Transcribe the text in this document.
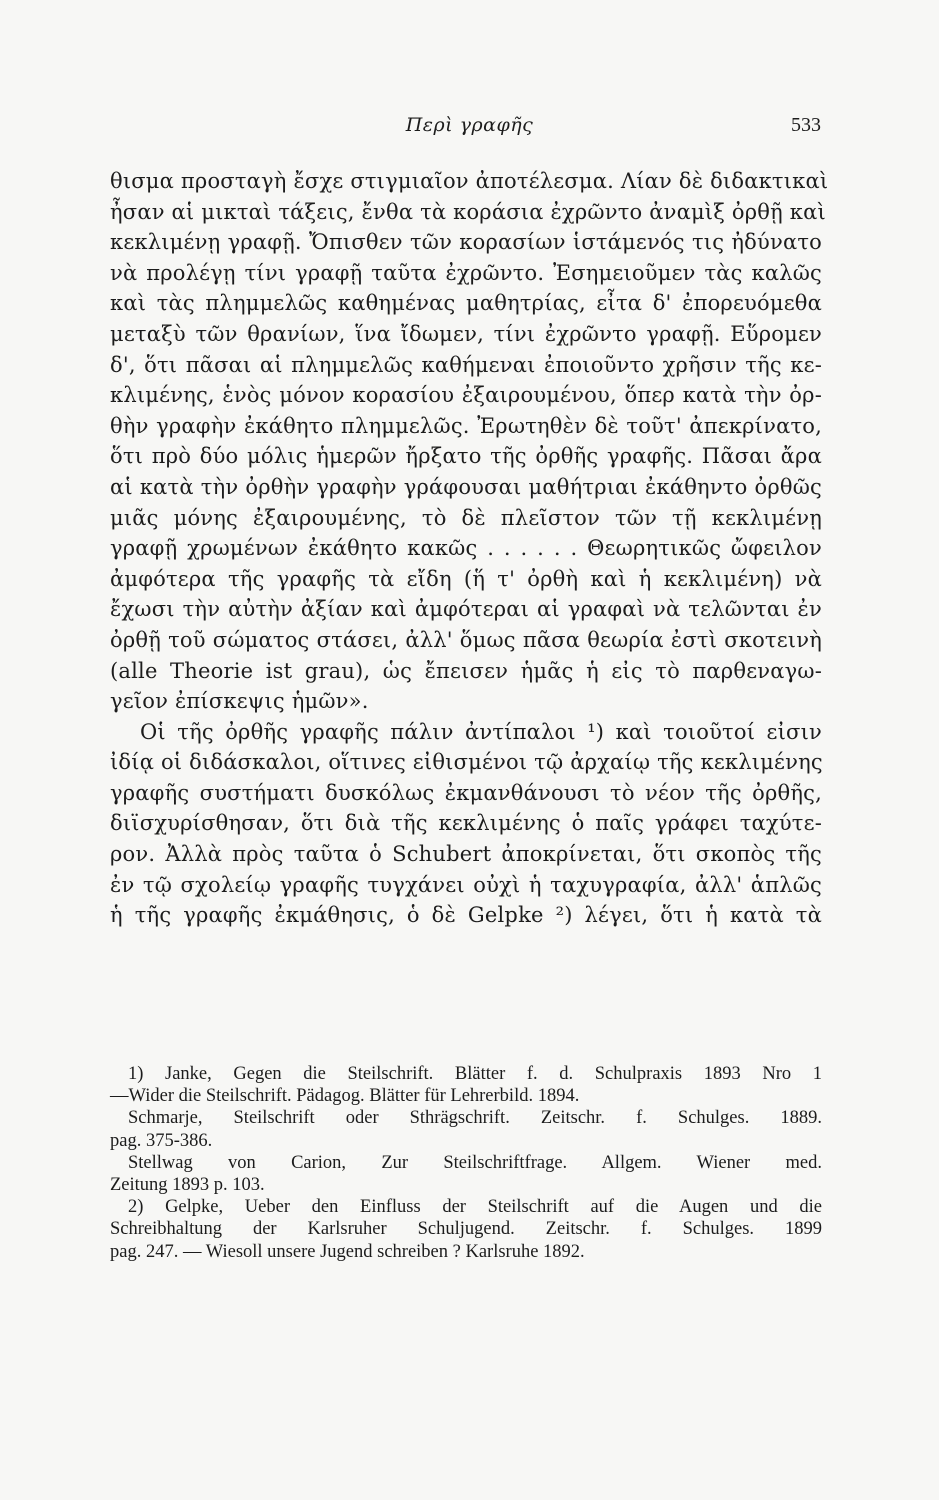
Περὶ γραφῆς	533
θισμα προσταγὴ ἔσχε στιγμιαῖον ἀποτέλεσμα. Λίαν δὲ διδακτικαὶ
ἦσαν αἱ μικταὶ τάξεις, ἔνθα τὰ κοράσια ἐχρῶντο ἀναμὶξ ὀρθῇ καὶ
κεκλιμένῃ γραφῇ. Ὄπισθεν τῶν κορασίων ἱστάμενός τις ἠδύνατο
νὰ προλέγῃ τίνι γραφῇ ταῦτα ἐχρῶντο. Ἐσημειοῦμεν τὰς καλῶς
καὶ τὰς πλημμελῶς καθημένας μαθητρίας, εἶτα δ' ἐπορευόμεθα
μεταξὺ τῶν θρανίων, ἵνα ἴδωμεν, τίνι ἐχρῶντο γραφῇ. Εὕρομεν
δ', ὅτι πᾶσαι αἱ πλημμελῶς καθήμεναι ἐποιοῦντο χρῆσιν τῆς κε-
κλιμένης, ἑνὸς μόνον κορασίου ἐξαιρουμένου, ὅπερ κατὰ τὴν ὀρ-
θὴν γραφὴν ἐκάθητο πλημμελῶς. Ἐρωτηθὲν δὲ τοῦτ' ἀπεκρίνατο,
ὅτι πρὸ δύο μόλις ἡμερῶν ἤρξατο τῆς ὀρθῆς γραφῆς. Πᾶσαι ἄρα
αἱ κατὰ τὴν ὀρθὴν γραφὴν γράφουσαι μαθήτριαι ἐκάθηντο ὀρθῶς
μιᾶς μόνης ἐξαιρουμένης, τὸ δὲ πλεῖστον τῶν τῇ κεκλιμένῃ
γραφῇ χρωμένων ἐκάθητο κακῶς . . . . . . Θεωρητικῶς ὤφειλον
ἀμφότερα τῆς γραφῆς τὰ εἴδη (ἥ τ' ὀρθὴ καὶ ἡ κεκλιμένη) νὰ
ἔχωσι τὴν αὐτὴν ἀξίαν καὶ ἀμφότεραι αἱ γραφαὶ νὰ τελῶνται ἐν
ὀρθῇ τοῦ σώματος στάσει, ἀλλ' ὅμως πᾶσα θεωρία ἐστὶ σκοτεινὴ
(alle Theorie ist grau), ὡς ἔπεισεν ἡμᾶς ἡ εἰς τὸ παρθεναγω-
γεῖον ἐπίσκεψις ἡμῶν».
Οἱ τῆς ὀρθῆς γραφῆς πάλιν ἀντίπαλοι ¹) καὶ τοιοῦτοί εἰσιν
ἰδίᾳ οἱ διδάσκαλοι, οἵτινες εἰθισμένοι τῷ ἀρχαίῳ τῆς κεκλιμένης
γραφῆς συστήματι δυσκόλως ἐκμανθάνουσι τὸ νέον τῆς ὀρθῆς,
διϊσχυρίσθησαν, ὅτι διὰ τῆς κεκλιμένης ὁ παῖς γράφει ταχύτε-
ρον. Ἀλλὰ πρὸς ταῦτα ὁ Schubert ἀποκρίνεται, ὅτι σκοπὸς τῆς
ἐν τῷ σχολείῳ γραφῆς τυγχάνει οὐχὶ ἡ ταχυγραφία, ἀλλ' ἁπλῶς
ἡ τῆς γραφῆς ἐκμάθησις, ὁ δὲ Gelpke ²) λέγει, ὅτι ἡ κατὰ τὰ
1) Janke, Gegen die Steilschrift. Blätter f. d. Schulpraxis 1893 Nro 1
—Wider die Steilschrift. Pädagog. Blätter für Lehrerbild. 1894.
Schmarje, Steilschrift oder Sthrägschrift. Zeitschr. f. Schulges. 1889.
pag. 375-386.
Stellwag von Carion, Zur Steilschriftfrage. Allgem. Wiener med.
Zeitung 1893 p. 103.
2) Gelpke, Ueber den Einfluss der Steilschrift auf die Augen und die
Schreibhaltung der Karlsruher Schuljugend. Zeitschr. f. Schulges. 1899
pag. 247. — Wiesoll unsere Jugend schreiben ? Karlsruhe 1892.
